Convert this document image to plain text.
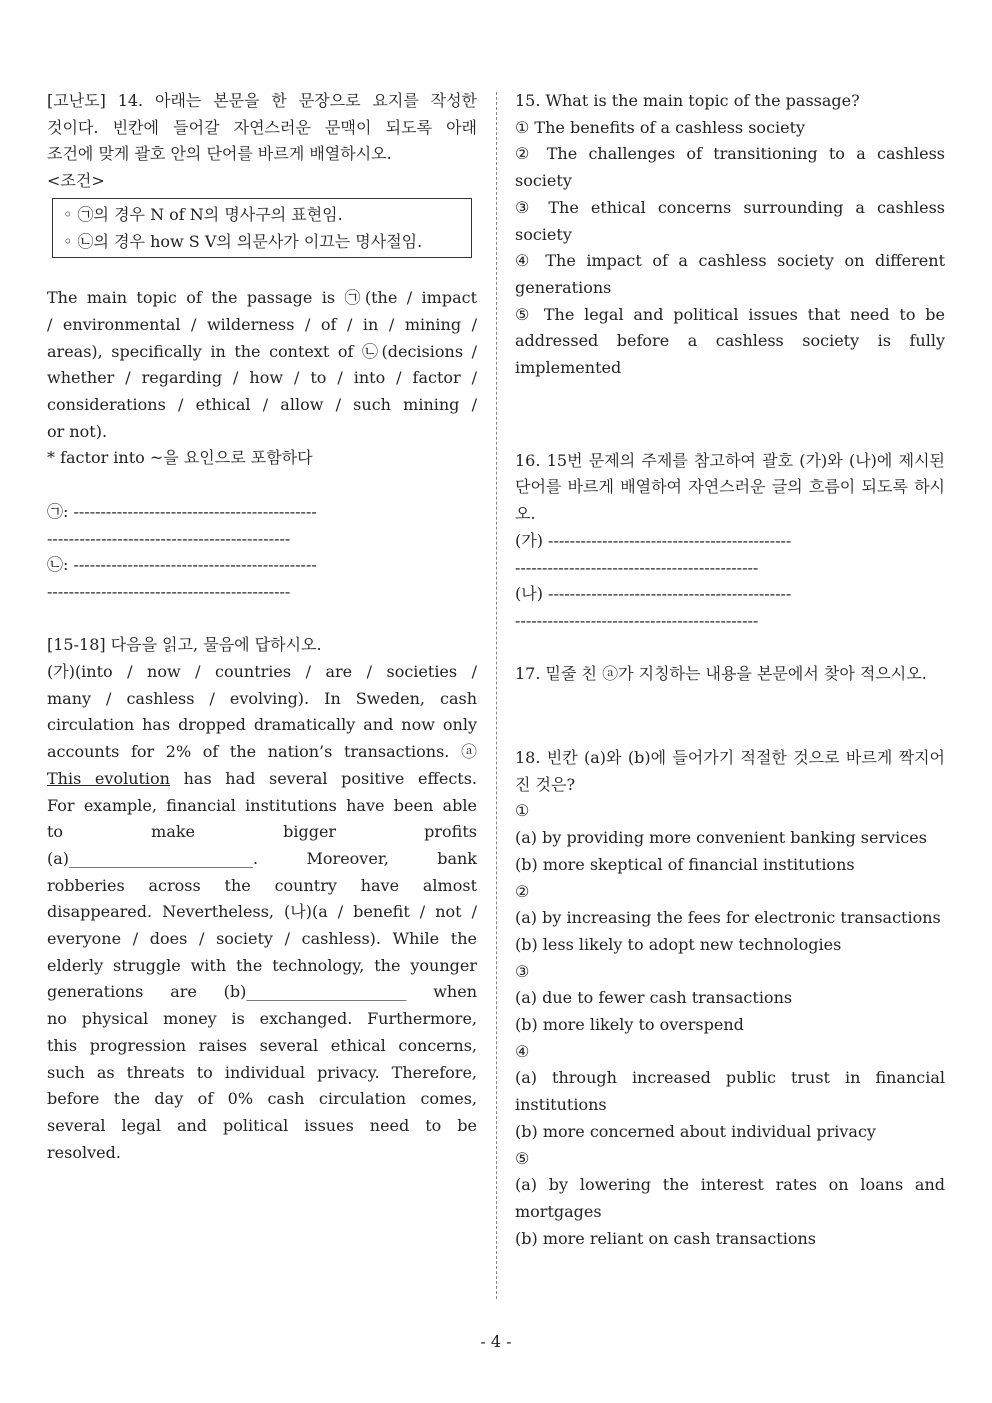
[고난도] 14. 아래는 본문을 한 문장으로 요지를 작성한

것이다. 빈칸에 들어갈 자연스러운 문맥이 되도록 아래

조건에 맞게 괄호 안의 단어를 바르게 배열하시오.

<조건>

◦ ㉠의 경우 N of N의 명사구의 표현임.

◦ ㉡의 경우 how S V의 의문사가 이끄는 명사절임.

The main topic of the passage is ㉠(the / impact

/ environmental / wilderness / of / in / mining /

areas), specifically in the context of ㉡(decisions /

whether / regarding / how / to / into / factor /

considerations / ethical / allow / such mining /

or not).

* factor into ~을 요인으로 포함하다

㉠: ---------------------------------------------

---------------------------------------------

㉡: ---------------------------------------------

---------------------------------------------

[15-18] 다음을 읽고, 물음에 답하시오.

(가)(into / now / countries / are / societies /

many / cashless / evolving). In Sweden, cash

circulation has dropped dramatically and now only

accounts for 2% of the nation’s transactions. ⓐ

This evolution has had several positive effects.

For example, financial institutions have been able

to make bigger profits

(a)_______________________. Moreover, bank

robberies across the country have almost

disappeared. Nevertheless, (나)(a / benefit / not /

everyone / does / society / cashless). While the

elderly struggle with the technology, the younger

generations are (b)____________________ when

no physical money is exchanged. Furthermore,

this progression raises several ethical concerns,

such as threats to individual privacy. Therefore,

before the day of 0% cash circulation comes,

several legal and political issues need to be

resolved.

15. What is the main topic of the passage?

① The benefits of a cashless society

② The challenges of transitioning to a cashless society

③ The ethical concerns surrounding a cashless society

④ The impact of a cashless society on different generations

⑤ The legal and political issues that need to be addressed before a cashless society is fully implemented

16. 15번 문제의 주제를 참고하여 괄호 (가)와 (나)에 제시된 단어를 바르게 배열하여 자연스러운 글의 흐름이 되도록 하시오.

(가) ---------------------------------------------

---------------------------------------------

(나) ---------------------------------------------

---------------------------------------------

17. 밑줄 친 ⓐ가 지칭하는 내용을 본문에서 찾아 적으시오.

18. 빈칸 (a)와 (b)에 들어가기 적절한 것으로 바르게 짝지어진 것은?

①

(a) by providing more convenient banking services

(b) more skeptical of financial institutions

②

(a) by increasing the fees for electronic transactions

(b) less likely to adopt new technologies

③

(a) due to fewer cash transactions

(b) more likely to overspend

④

(a) through increased public trust in financial institutions

(b) more concerned about individual privacy

⑤

(a) by lowering the interest rates on loans and mortgages

(b) more reliant on cash transactions

- 4 -
